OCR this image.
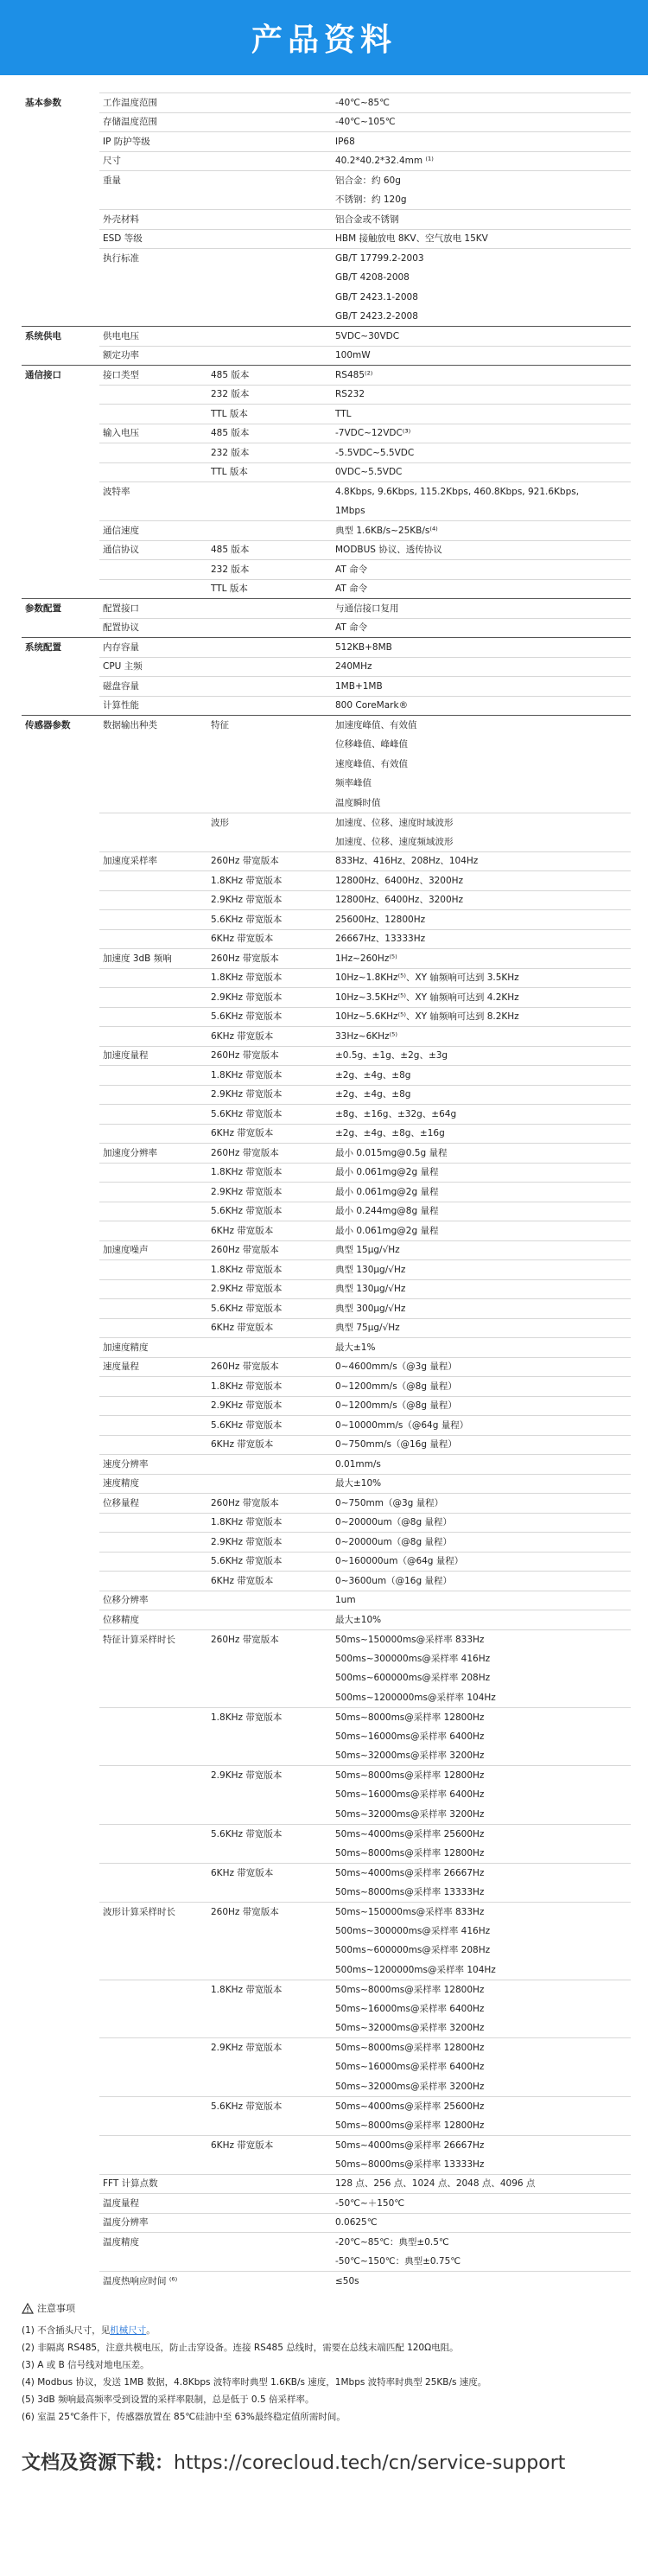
产品资料
基本参数	工作温度范围		-40℃~85℃
	存储温度范围		-40℃~105℃
	IP 防护等级		IP68
	尺寸		40.2*40.2*32.4mm ⁽¹⁾
	重量		铝合金：约 60g
			不锈钢：约 120g
	外壳材料		铝合金或不锈钢
	ESD 等级		HBM 接触放电 8KV、空气放电 15KV
	执行标准		GB/T 17799.2-2003
			GB/T 4208-2008
			GB/T 2423.1-2008
			GB/T 2423.2-2008
系统供电	供电电压		5VDC~30VDC
	额定功率		100mW
通信接口	接口类型	485 版本	RS485⁽²⁾
		232 版本	RS232
		TTL 版本	TTL
	输入电压	485 版本	-7VDC~12VDC⁽³⁾
		232 版本	-5.5VDC~5.5VDC
		TTL 版本	0VDC~5.5VDC
	波特率		4.8Kbps, 9.6Kbps, 115.2Kbps, 460.8Kbps, 921.6Kbps,
			1Mbps
	通信速度		典型 1.6KB/s~25KB/s⁽⁴⁾
	通信协议	485 版本	MODBUS 协议、透传协议
		232 版本	AT 命令
		TTL 版本	AT 命令
参数配置	配置接口		与通信接口复用
	配置协议		AT 命令
系统配置	内存容量		512KB+8MB
	CPU 主频		240MHz
	磁盘容量		1MB+1MB
	计算性能		800 CoreMark®
传感器参数	数据输出种类	特征	加速度峰值、有效值
			位移峰值、峰峰值
			速度峰值、有效值
			频率峰值
			温度瞬时值
		波形	加速度、位移、速度时域波形
			加速度、位移、速度频域波形
	加速度采样率	260Hz 带宽版本	833Hz、416Hz、208Hz、104Hz
		1.8KHz 带宽版本	12800Hz、6400Hz、3200Hz
		2.9KHz 带宽版本	12800Hz、6400Hz、3200Hz
		5.6KHz 带宽版本	25600Hz、12800Hz
		6KHz 带宽版本	26667Hz、13333Hz
	加速度 3dB 频响	260Hz 带宽版本	1Hz~260Hz⁽⁵⁾
		1.8KHz 带宽版本	10Hz~1.8KHz⁽⁵⁾、XY 轴频响可达到 3.5KHz
		2.9KHz 带宽版本	10Hz~3.5KHz⁽⁵⁾、XY 轴频响可达到 4.2KHz
		5.6KHz 带宽版本	10Hz~5.6KHz⁽⁵⁾、XY 轴频响可达到 8.2KHz
		6KHz 带宽版本	33Hz~6KHz⁽⁵⁾
	加速度量程	260Hz 带宽版本	±0.5g、±1g、±2g、±3g
		1.8KHz 带宽版本	±2g、±4g、±8g
		2.9KHz 带宽版本	±2g、±4g、±8g
		5.6KHz 带宽版本	±8g、±16g、±32g、±64g
		6KHz 带宽版本	±2g、±4g、±8g、±16g
	加速度分辨率	260Hz 带宽版本	最小 0.015mg@0.5g 量程
		1.8KHz 带宽版本	最小 0.061mg@2g 量程
		2.9KHz 带宽版本	最小 0.061mg@2g 量程
		5.6KHz 带宽版本	最小 0.244mg@8g 量程
		6KHz 带宽版本	最小 0.061mg@2g 量程
	加速度噪声	260Hz 带宽版本	典型 15μg/√Hz
		1.8KHz 带宽版本	典型 130μg/√Hz
		2.9KHz 带宽版本	典型 130μg/√Hz
		5.6KHz 带宽版本	典型 300μg/√Hz
		6KHz 带宽版本	典型 75μg/√Hz
	加速度精度		最大±1%
	速度量程	260Hz 带宽版本	0~4600mm/s（@3g 量程）
		1.8KHz 带宽版本	0~1200mm/s（@8g 量程）
		2.9KHz 带宽版本	0~1200mm/s（@8g 量程）
		5.6KHz 带宽版本	0~10000mm/s（@64g 量程）
		6KHz 带宽版本	0~750mm/s（@16g 量程）
	速度分辨率		0.01mm/s
	速度精度		最大±10%
	位移量程	260Hz 带宽版本	0~750mm（@3g 量程）
		1.8KHz 带宽版本	0~20000um（@8g 量程）
		2.9KHz 带宽版本	0~20000um（@8g 量程）
		5.6KHz 带宽版本	0~160000um（@64g 量程）
		6KHz 带宽版本	0~3600um（@16g 量程）
	位移分辨率		1um
	位移精度		最大±10%
	特征计算采样时长	260Hz 带宽版本	50ms~150000ms@采样率 833Hz
			500ms~300000ms@采样率 416Hz
			500ms~600000ms@采样率 208Hz
			500ms~1200000ms@采样率 104Hz
		1.8KHz 带宽版本	50ms~8000ms@采样率 12800Hz
			50ms~16000ms@采样率 6400Hz
			50ms~32000ms@采样率 3200Hz
		2.9KHz 带宽版本	50ms~8000ms@采样率 12800Hz
			50ms~16000ms@采样率 6400Hz
			50ms~32000ms@采样率 3200Hz
		5.6KHz 带宽版本	50ms~4000ms@采样率 25600Hz
			50ms~8000ms@采样率 12800Hz
		6KHz 带宽版本	50ms~4000ms@采样率 26667Hz
			50ms~8000ms@采样率 13333Hz
	波形计算采样时长	260Hz 带宽版本	50ms~150000ms@采样率 833Hz
			500ms~300000ms@采样率 416Hz
			500ms~600000ms@采样率 208Hz
			500ms~1200000ms@采样率 104Hz
		1.8KHz 带宽版本	50ms~8000ms@采样率 12800Hz
			50ms~16000ms@采样率 6400Hz
			50ms~32000ms@采样率 3200Hz
		2.9KHz 带宽版本	50ms~8000ms@采样率 12800Hz
			50ms~16000ms@采样率 6400Hz
			50ms~32000ms@采样率 3200Hz
		5.6KHz 带宽版本	50ms~4000ms@采样率 25600Hz
			50ms~8000ms@采样率 12800Hz
		6KHz 带宽版本	50ms~4000ms@采样率 26667Hz
			50ms~8000ms@采样率 13333Hz
	FFT 计算点数		128 点、256 点、1024 点、2048 点、4096 点
	温度量程		-50℃~＋150℃
	温度分辨率		0.0625℃
	温度精度		-20℃~85℃：典型±0.5℃
			-50℃~150℃：典型±0.75℃
	温度热响应时间 ⁽⁶⁾		≤50s
注意事项
(1) 不含插头尺寸，见机械尺寸。
(2) 非隔离 RS485，注意共模电压，防止击穿设备。连接 RS485 总线时，需要在总线末端匹配 120Ω电阻。
(3) A 或 B 信号线对地电压差。
(4) Modbus 协议，发送 1MB 数据，4.8Kbps 波特率时典型 1.6KB/s 速度，1Mbps 波特率时典型 25KB/s 速度。
(5) 3dB 频响最高频率受到设置的采样率限制，总是低于 0.5 倍采样率。
(6) 室温 25℃条件下，传感器放置在 85℃硅油中至 63%最终稳定值所需时间。
文档及资源下载：https://corecloud.tech/cn/service-support
